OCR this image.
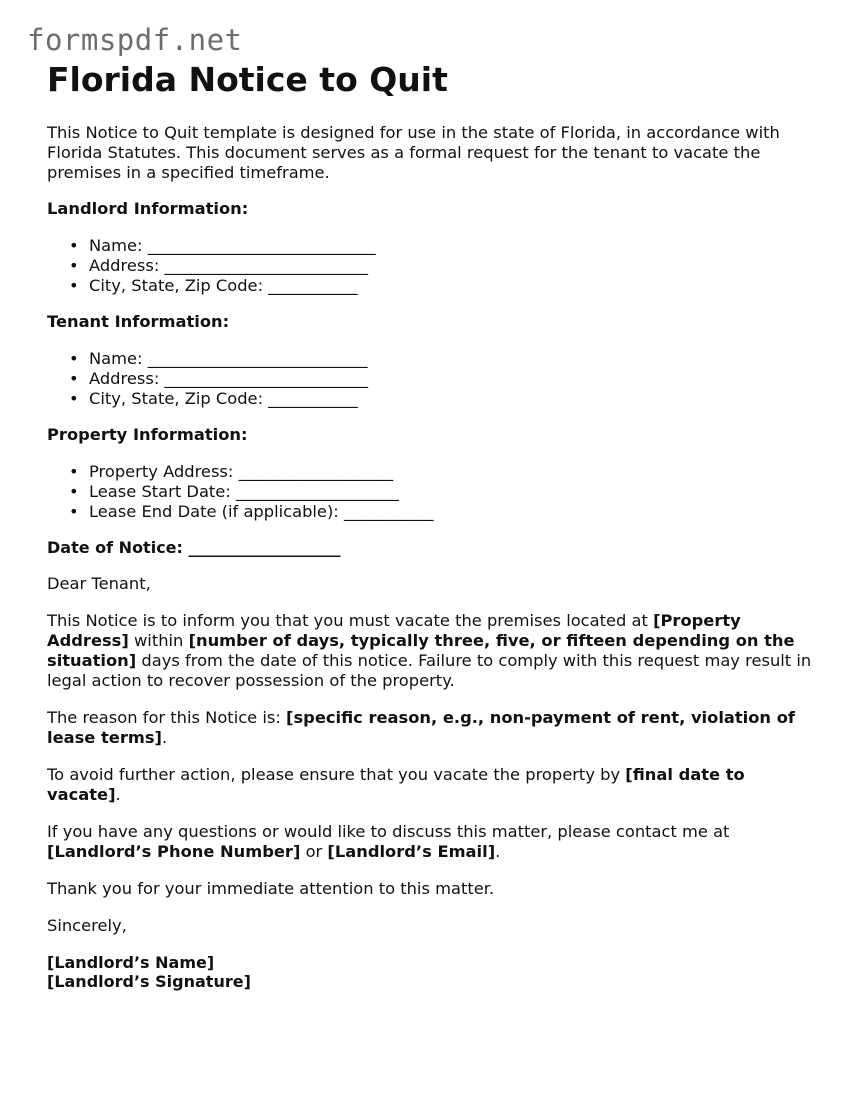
formspdf.net
Florida Notice to Quit

This Notice to Quit template is designed for use in the state of Florida, in accordance with Florida Statutes. This document serves as a formal request for the tenant to vacate the premises in a specified timeframe.

Landlord Information:
• Name: ____________________________
• Address: _________________________
• City, State, Zip Code: ___________
Tenant Information:
• Name: ___________________________
• Address: _________________________
• City, State, Zip Code: ___________
Property Information:
• Property Address: ___________________
• Lease Start Date: ____________________
• Lease End Date (if applicable): ___________
Date of Notice: ___________________

Dear Tenant,

This Notice is to inform you that you must vacate the premises located at [Property Address] within [number of days, typically three, five, or fifteen depending on the situation] days from the date of this notice. Failure to comply with this request may result in legal action to recover possession of the property.

The reason for this Notice is: [specific reason, e.g., non-payment of rent, violation of lease terms].

To avoid further action, please ensure that you vacate the property by [final date to vacate].

If you have any questions or would like to discuss this matter, please contact me at [Landlord’s Phone Number] or [Landlord’s Email].

Thank you for your immediate attention to this matter.

Sincerely,

[Landlord’s Name]
[Landlord’s Signature]
